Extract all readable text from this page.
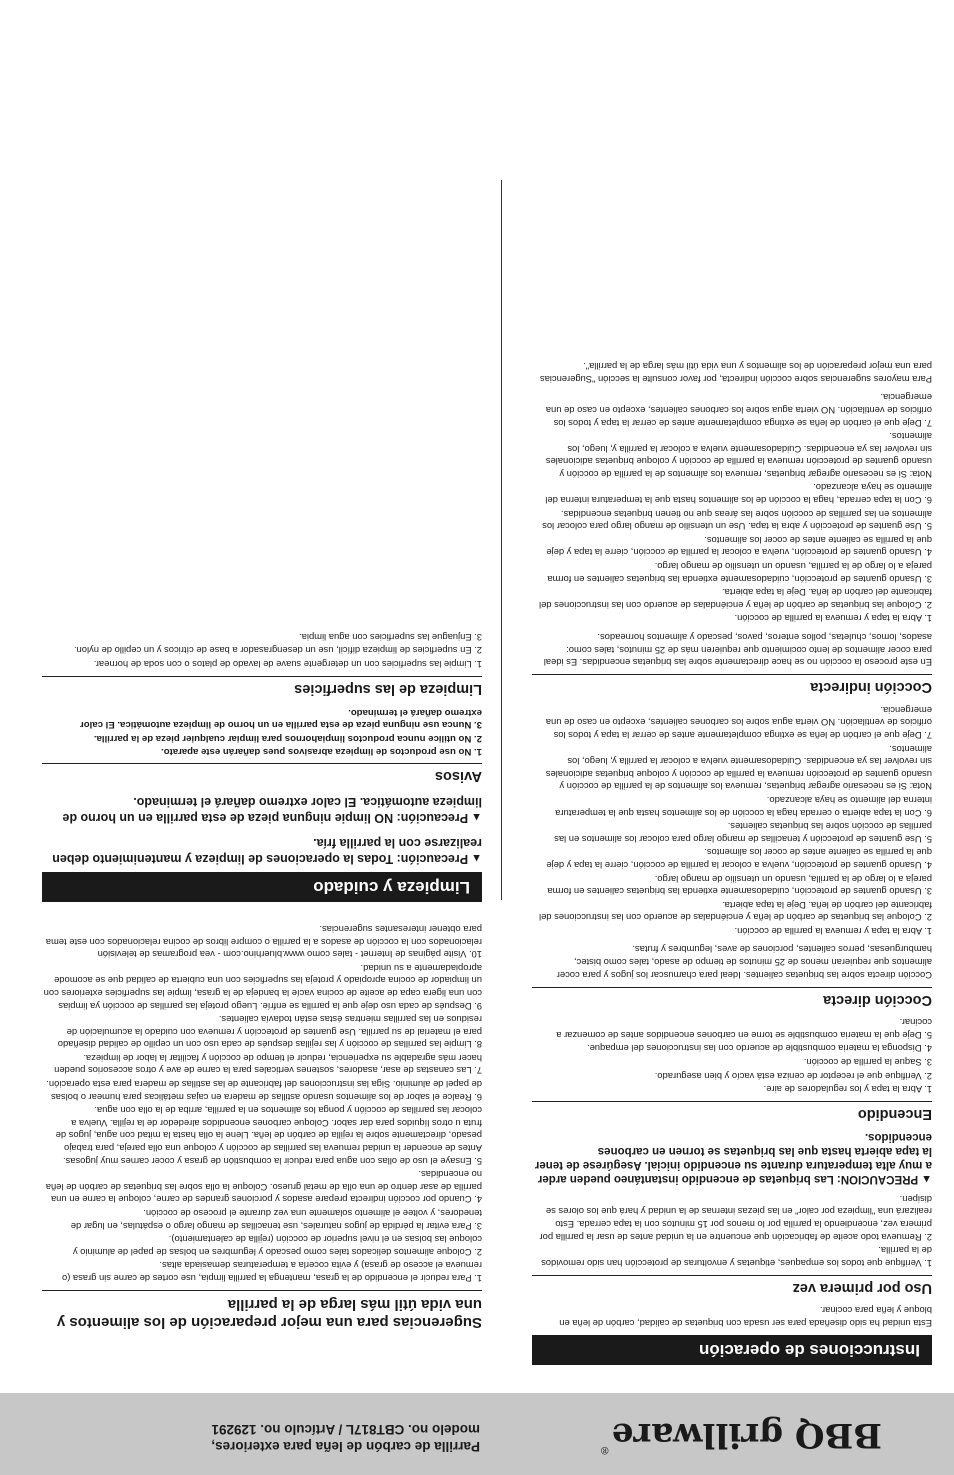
BBQ grillware®
Parrilla de carbón de leña para exteriores,
modelo no. CBT817L / Artículo no. 129291
Instrucciones de operación

Esta unidad ha sido diseñada para ser usada con briquetas de calidad, carbón de leña en bloque y leña para cocinar.

Uso por primera vez
1. Verifique que todos los empaques, etiquetas y envolturas de protección han sido removidos de la parrilla.
2. Remueva todo aceite de fabricación que encuentre en la unidad antes de usar la parrilla por primera vez, encendiendo la parrilla por lo menos por 15 minutos con la tapa cerrada. Esto realizará una "limpieza por calor" en las piezas internas de la unidad y hará que los olores se disipen.
▲PRECAUCION: Las briquetas de encendido instantáneo pueden arder a muy alta temperatura durante su encendido inicial. Asegúrese de tener la tapa abierta hasta que las briquetas se tornen en carbones encendidos.
Encendido
1. Abra la tapa y los reguladores de aire.
2. Verifique que el receptor de ceniza está vacío y bien asegurado.
3. Saque la parrilla de cocción.
4. Disponga la materia combustible de acuerdo con las instrucciones del empaque.
5. Deje que la materia combustible se torne en carbones encendidos antes de comenzar a cocinar.
Cocción directa

Cocción directa sobre las briquetas calientes. Ideal para chamuscar los jugos y para cocer alimentos que requieran menos de 25 minutos de tiempo de asado, tales como bistec, hamburguesas, perros calientes, porciones de aves, legumbres y frutas.

1. Abra la tapa y remueva la parrilla de cocción.
2. Coloque las briquetas de carbón de leña y enciéndalas de acuerdo con las instrucciones del fabricante del carbón de leña. Deje la tapa abierta.
3. Usando guantes de protección, cuidadosamente extienda las briquetas calientes en forma pareja a lo largo de la parrilla, usando un utensilio de mango largo.
4. Usando guantes de protección, vuelva a colocar la parrilla de cocción, cierre la tapa y deje que la parrilla se caliente antes de cocer los alimentos.
5. Use guantes de protección y tenacillas de mango largo para colocar los alimentos en las parrillas de cocción sobre las briquetas calientes.
6. Con la tapa abierta o cerrada haga la cocción de los alimentos hasta que la temperatura interna del alimento se haya alcanzado.
Nota: Si es necesario agregar briquetas, remueva los alimentos de la parrilla de cocción y usando guantes de protección remueva la parrilla de cocción y coloque briquetas adicionales sin revolver las ya encendidas. Cuidadosamente vuelva a colocar la parrilla y, luego, los alimentos.
7. Deje que el carbón de leña se extinga completamente antes de cerrar la tapa y todos los orificios de ventilación. NO vierta agua sobre los carbones calientes, excepto en caso de una emergencia.
Cocción indirecta

En este proceso la cocción no se hace directamente sobre las briquetas encendidas. Es ideal para cocer alimentos de lento cocimiento que requieren más de 25 minutos, tales como: asados, lomos, chuletas, pollos enteros, pavos, pescado y alimentos horneados.

1. Abra la tapa y remueva la parrilla de cocción.
2. Coloque las briquetas de carbón de leña y enciéndalas de acuerdo con las instrucciones del fabricante del carbón de leña. Deje la tapa abierta.
3. Usando guantes de protección, cuidadosamente extienda las briquetas calientes en forma pareja a lo largo de la parrilla, usando un utensilio de mango largo.
4. Usando guantes de protección, vuelva a colocar la parrilla de cocción, cierre la tapa y deje que la parrilla se caliente antes de cocer los alimentos.
5. Use guantes de protección y abra la tapa. Use un utensilio de mango largo para colocar los alimentos en las parrillas de cocción sobre las áreas que no tienen briquetas encendidas.
6. Con la tapa cerrada, haga la cocción de los alimentos hasta que la temperatura interna del alimento se haya alcanzado.
Nota: Si es necesario agregar briquetas, remueva los alimentos de la parrilla de cocción y usando guantes de protección remueva la parrilla de cocción y coloque briquetas adicionales sin revolver las ya encendidas. Cuidadosamente vuelva a colocar la parrilla y, luego, los alimentos.
7. Deje que el carbón de leña se extinga completamente antes de cerrar la tapa y todos los orificios de ventilación. NO vierta agua sobre los carbones calientes, excepto en caso de una emergencia.

Para mayores sugerencias sobre cocción indirecta, por favor consulte la sección "Sugerencias para una mejor preparación de los alimentos y una vida útil más larga de la parrilla".

Sugerencias para una mejor preparación de los alimentos y una vida útil más larga de la parrilla
1. Para reducir el encendido de la grasa, mantenga la parrilla limpia, use cortes de carne sin grasa (o remueva el acceso de grasa) y evita cocerla a temperaturas demasiada altas.
2. Coloque alimentos delicados tales como pescado y legumbres en bolsas de papel de aluminio y coloque las bolsas en el nivel superior de cocción (rejilla de calentamiento).
3. Para evitar la pérdida de jugos naturales, use tenacillas de mango largo o espátulas, en lugar de tenedores, y voltee el alimento solamente una vez durante el proceso de cocción.
4. Cuando por cocción indirecta prepare asados y porciones grandes de carne, coloque la carne en una parrilla de asar dentro de una olla de metal grueso. Coloque la olla sobre las briquetas de carbón de leña no encendidas.
5. Ensaye el uso de ollas con agua para reducir la combustión de grasa y cocer carnes muy jugosas. Antes de encender la unidad remueva las parrillas de cocción y coloque una olla pareja, para trabajo pesado, directamente sobre la rejilla de carbón de leña. Llene la olla hasta la mitad con agua, jugos de fruta u otros líquidos para dar sabor. Coloque carbones encendidos alrededor de la rejilla. Vuelva a colocar las parrillas de cocción y ponga los alimentos en la parrilla, arriba de la olla con agua.
6. Realce el sabor de los alimentos usando astillas de madera en cajas metálicas para humear o bolsas de papel de aluminio. Siga las instrucciones del fabricante de las astillas de madera para esta operación.
7. Las canastas de asar, asadores, sostenes verticales para la carne de ave y otros accesorios pueden hacer más agradable su experiencia, reducir el tiempo de cocción y facilitar la labor de limpieza.
8. Limpie las parrillas de cocción y las rejillas después de cada uso con un cepillo de calidad diseñado para el material de su parrilla. Use guantes de protección y remueva con cuidado la acumulación de residuos en las parrillas mientras éstas están todavía calientes.
9. Después de cada uso deje que la parrilla se enfríe. Luego proteja las parrillas de cocción ya limpias con una ligera capa de aceite de cocina vacíe la bandeja de la grasa, limpie las superficies exteriores con un limpiador de cocina apropiado y proteja las superficies con una cubierta de calidad que se acomode apropiadamente a su unidad.
10. Visite páginas de Internet - tales como www.bluerhino.com - vea programas de televisión relacionados con la cocción de asados a la parrilla o compre libros de cocina relacionados con este tema para obtener interesantes sugerencias.
Limpieza y cuidado
▲Precaución: Todas la operaciones de limpieza y mantenimiento deben realizarse con la parrilla fría.
▲Precaución: NO limpie ninguna pieza de esta parrilla en un horno de limpieza automática. El calor extremo dañará el terminado.
Avisos
1. No use productos de limpieza abrasivos pues dañarán este aparato.
2. No utilice nunca productos limpiahornos para limpiar cualquier pieza de la parrilla.
3. Nunca use ninguna pieza de esta parrilla en un horno de limpieza automática. El calor extremo dañará el terminado.
Limpieza de las superficies
1. Limpie las superficies con un detergente suave de lavado de platos o con soda de hornear.
2. En superficies de limpieza difícil, use un desengrasador a base de cítricos y un cepillo de nylon.
3. Enjuague las superficies con agua limpia.
